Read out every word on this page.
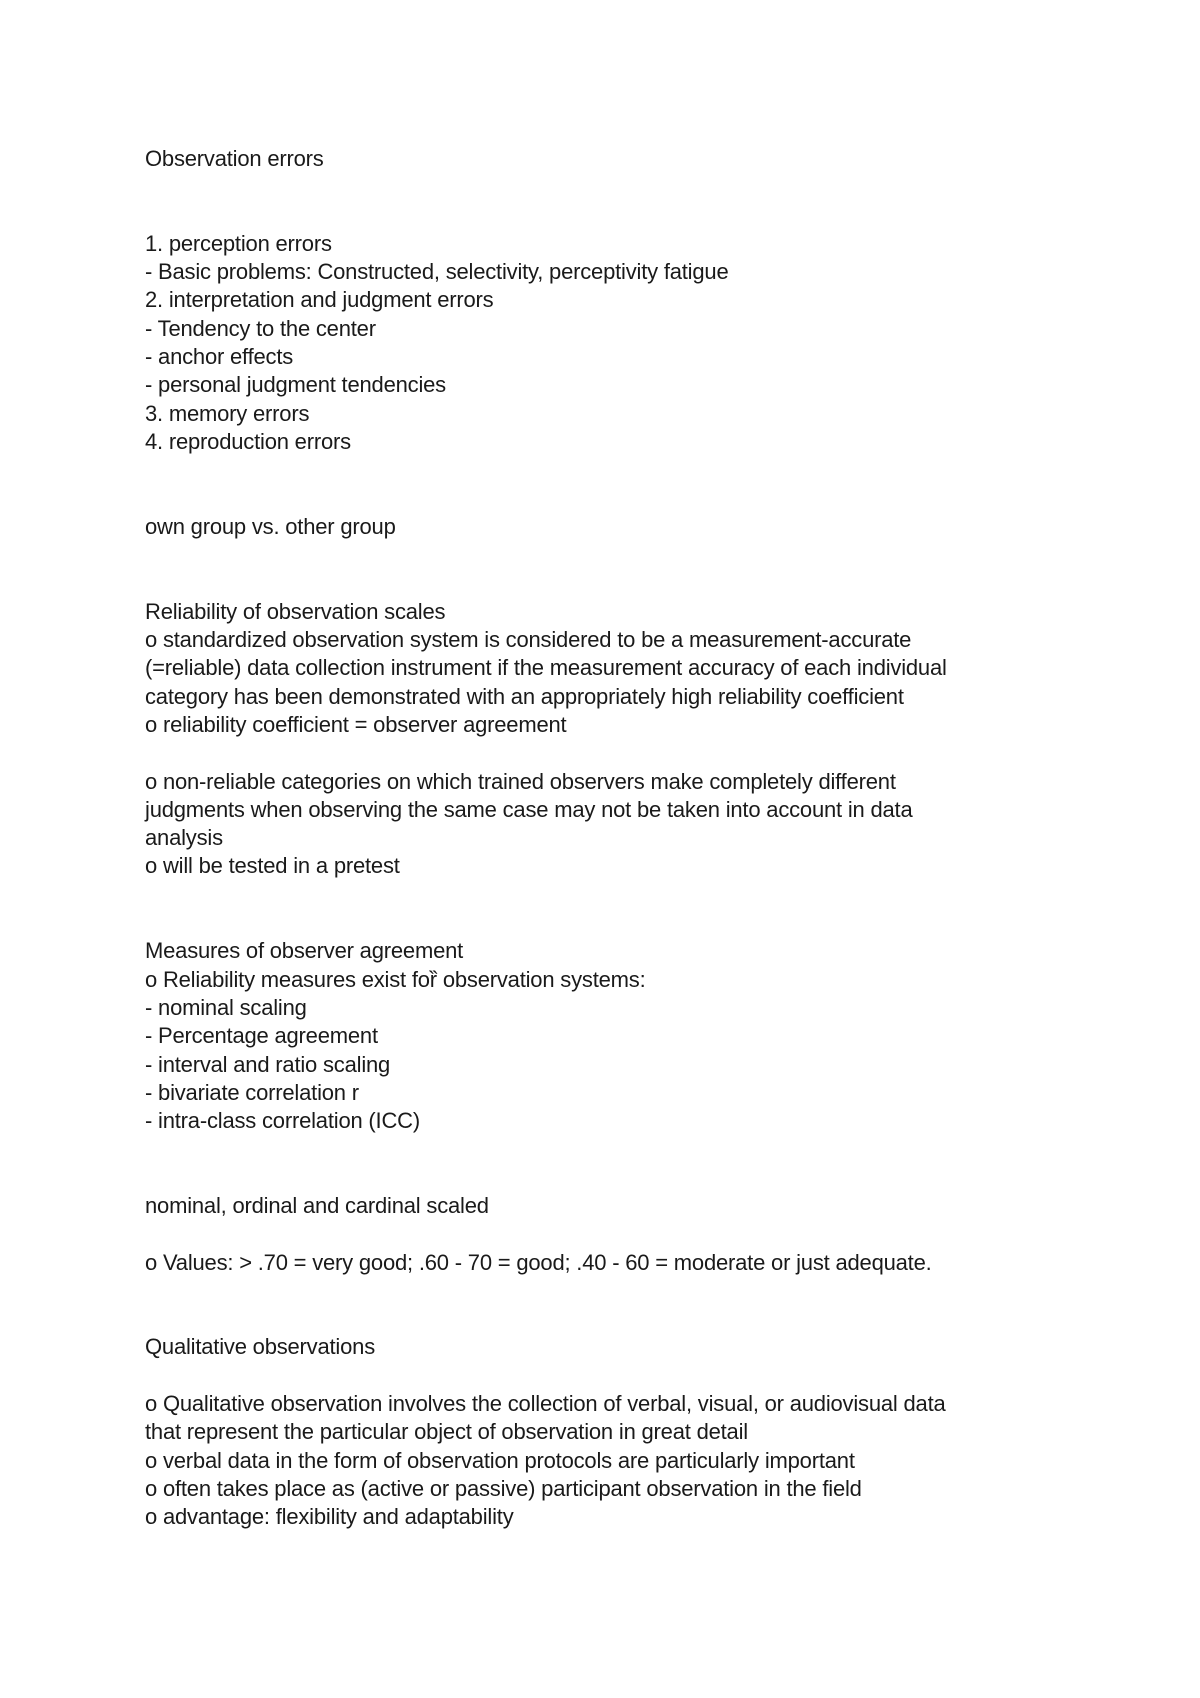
Observation errors
1. perception errors
- Basic problems: Constructed, selectivity, perceptivity fatigue
2. interpretation and judgment errors
- Tendency to the center
- anchor effects
- personal judgment tendencies
3. memory errors
4. reproduction errors
own group vs. other group
Reliability of observation scales
o standardized observation system is considered to be a measurement-accurate
(=reliable) data collection instrument if the measurement accuracy of each individual
category has been demonstrated with an appropriately high reliability coefficient
o reliability coefficient = observer agreement
o non-reliable categories on which trained observers make completely different
judgments when observing the same case may not be taken into account in data
analysis
o will be tested in a pretest
Measures of observer agreement
o Reliability measures exist foȑ observation systems:
- nominal scaling
- Percentage agreement
- interval and ratio scaling
- bivariate correlation r
- intra-class correlation (ICC)
nominal, ordinal and cardinal scaled
o Values: > .70 = very good; .60 - 70 = good; .40 - 60 = moderate or just adequate.
Qualitative observations
o Qualitative observation involves the collection of verbal, visual, or audiovisual data
that represent the particular object of observation in great detail
o verbal data in the form of observation protocols are particularly important
o often takes place as (active or passive) participant observation in the field
o advantage: flexibility and adaptability
